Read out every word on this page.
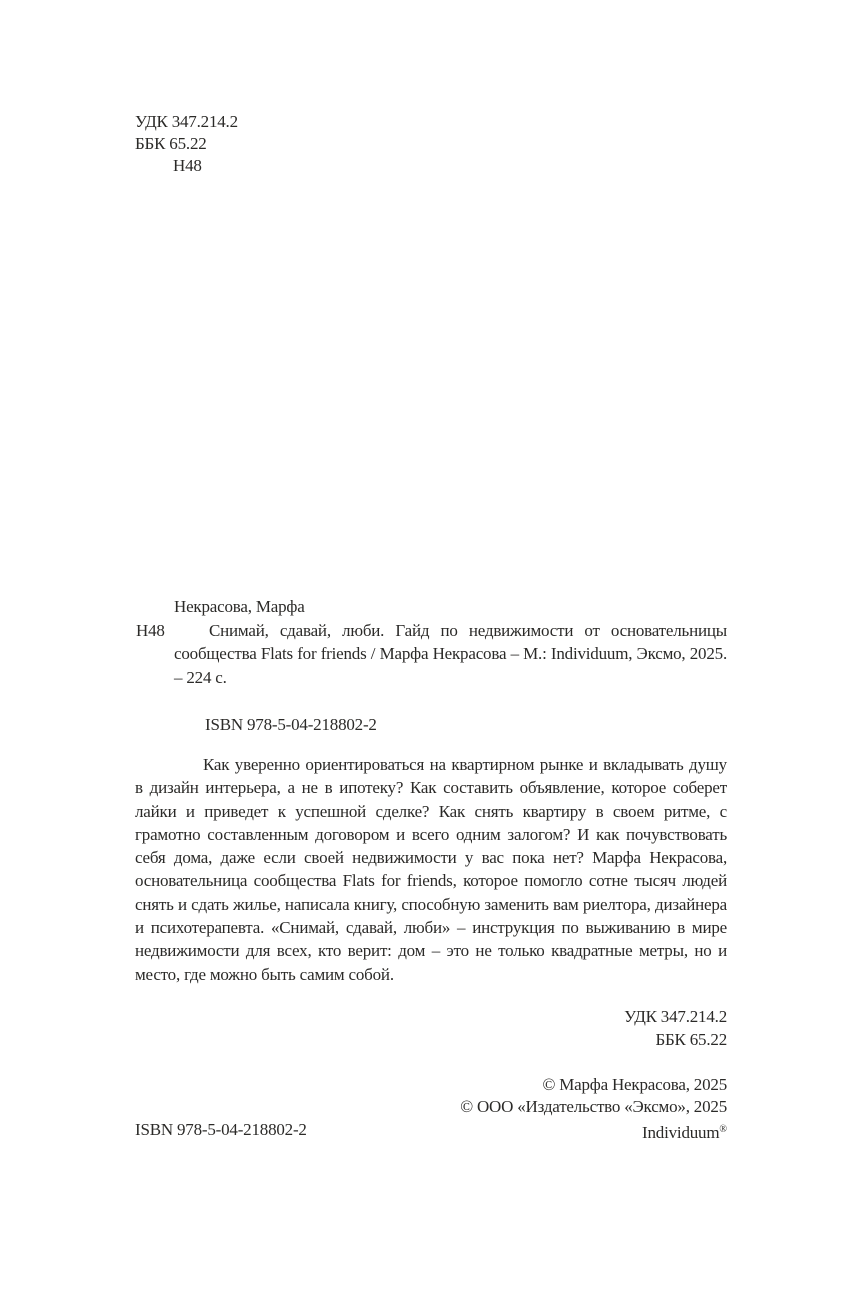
УДК 347.214.2
ББК 65.22
Н48
Некрасова, Марфа
Н48	Снимай, сдавай, люби. Гайд по недвижимости от основательницы сообщества Flats for friends / Марфа Некрасова – М.: Individuum, Эксмо, 2025. – 224 с.
ISBN 978-5-04-218802-2
Как уверенно ориентироваться на квартирном рынке и вкладывать душу в дизайн интерьера, а не в ипотеку? Как составить объявление, которое соберет лайки и приведет к успешной сделке? Как снять квартиру в своем ритме, с грамотно составленным договором и всего одним залогом? И как почувствовать себя дома, даже если своей недвижимости у вас пока нет? Марфа Некрасова, основательница сообщества Flats for friends, которое помогло сотне тысяч людей снять и сдать жилье, написала книгу, способную заменить вам риелтора, дизайнера и психотерапевта. «Снимай, сдавай, люби» – инструкция по выживанию в мире недвижимости для всех, кто верит: дом – это не только квадратные метры, но и место, где можно быть самим собой.
УДК 347.214.2
ББК 65.22
© Марфа Некрасова, 2025
© ООО «Издательство «Эксмо», 2025
Individuum®
ISBN 978-5-04-218802-2
